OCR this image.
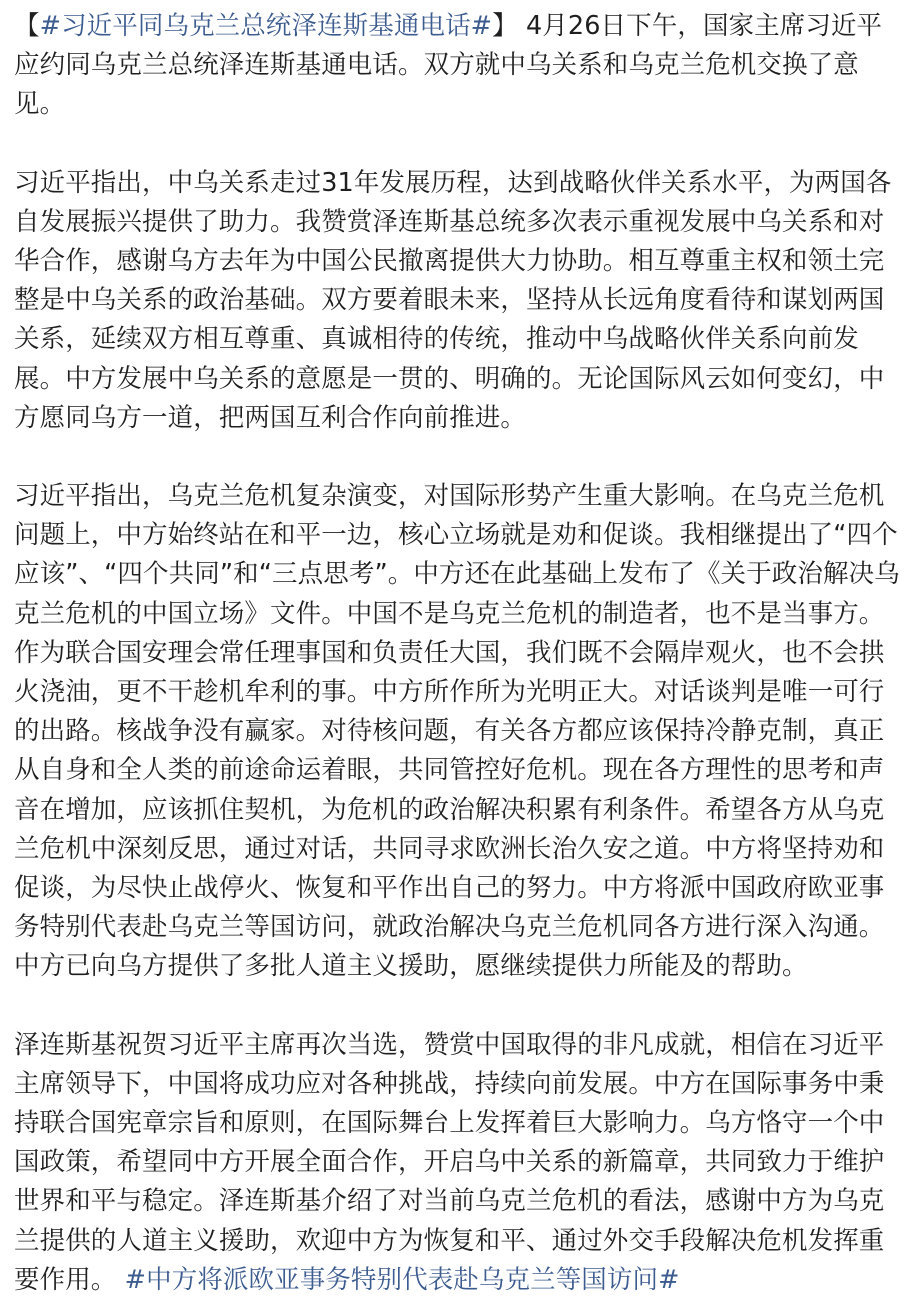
【#习近平同乌克兰总统泽连斯基通电话#】 4月26日下午，国家主席习近平应约同乌克兰总统泽连斯基通电话。双方就中乌关系和乌克兰危机交换了意见。

习近平指出，中乌关系走过31年发展历程，达到战略伙伴关系水平，为两国各自发展振兴提供了助力。我赞赏泽连斯基总统多次表示重视发展中乌关系和对华合作，感谢乌方去年为中国公民撤离提供大力协助。相互尊重主权和领土完整是中乌关系的政治基础。双方要着眼未来，坚持从长远角度看待和谋划两国关系，延续双方相互尊重、真诚相待的传统，推动中乌战略伙伴关系向前发展。中方发展中乌关系的意愿是一贯的、明确的。无论国际风云如何变幻，中方愿同乌方一道，把两国互利合作向前推进。

习近平指出，乌克兰危机复杂演变，对国际形势产生重大影响。在乌克兰危机问题上，中方始终站在和平一边，核心立场就是劝和促谈。我相继提出了“四个应该”、“四个共同”和“三点思考”。中方还在此基础上发布了《关于政治解决乌克兰危机的中国立场》文件。中国不是乌克兰危机的制造者，也不是当事方。作为联合国安理会常任理事国和负责任大国，我们既不会隔岸观火，也不会拱火浇油，更不干趁机牟利的事。中方所作所为光明正大。对话谈判是唯一可行的出路。核战争没有赢家。对待核问题，有关各方都应该保持冷静克制，真正从自身和全人类的前途命运着眼，共同管控好危机。现在各方理性的思考和声音在增加，应该抓住契机，为危机的政治解决积累有利条件。希望各方从乌克兰危机中深刻反思，通过对话，共同寻求欧洲长治久安之道。中方将坚持劝和促谈，为尽快止战停火、恢复和平作出自己的努力。中方将派中国政府欧亚事务特别代表赴乌克兰等国访问，就政治解决乌克兰危机同各方进行深入沟通。中方已向乌方提供了多批人道主义援助，愿继续提供力所能及的帮助。

泽连斯基祝贺习近平主席再次当选，赞赏中国取得的非凡成就，相信在习近平主席领导下，中国将成功应对各种挑战，持续向前发展。中方在国际事务中秉持联合国宪章宗旨和原则，在国际舞台上发挥着巨大影响力。乌方恪守一个中国政策，希望同中方开展全面合作，开启乌中关系的新篇章，共同致力于维护世界和平与稳定。泽连斯基介绍了对当前乌克兰危机的看法，感谢中方为乌克兰提供的人道主义援助，欢迎中方为恢复和平、通过外交手段解决危机发挥重要作用。 #中方将派欧亚事务特别代表赴乌克兰等国访问#
